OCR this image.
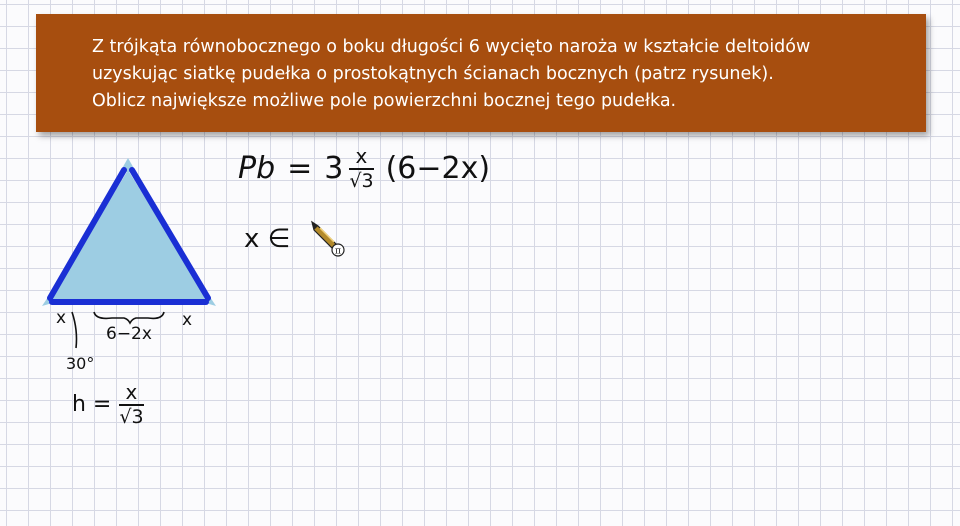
Z trójkąta równobocznego o boku długości 6 wycięto naroża w kształcie deltoidów

uzyskując siatkę pudełka o prostokątnych ścianach bocznych (patrz rysunek).

Oblicz największe możliwe pole powierzchni bocznej tego pudełka.

x
6−2x
x
30°
$h = \frac{x}{√3}$
$Pb = 3 \frac{x}{√3} (6-2x)$
x ∈	π
